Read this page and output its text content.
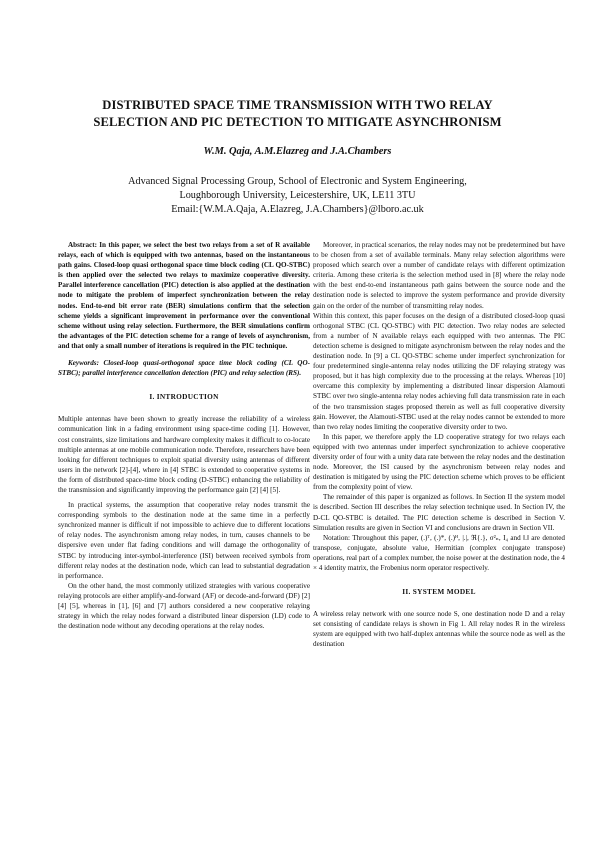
DISTRIBUTED SPACE TIME TRANSMISSION WITH TWO RELAY
SELECTION AND PIC DETECTION TO MITIGATE ASYNCHRONISM
W.M. Qaja, A.M.Elazreg and J.A.Chambers
Advanced Signal Processing Group, School of Electronic and System Engineering,
Loughborough University, Leicestershire, UK, LE11 3TU
Email:{W.M.A.Qaja, A.Elazreg, J.A.Chambers}@lboro.ac.uk

Abstract: In this paper, we select the best two relays from a set of R available relays, each of which is equipped with two antennas, based on the instantaneous path gains. Closed-loop quasi orthogonal space time block coding (CL QO-STBC) is then applied over the selected two relays to maximize cooperative diversity. Parallel interference cancellation (PIC) detection is also applied at the destination node to mitigate the problem of imperfect synchronization between the relay nodes. End-to-end bit error rate (BER) simulations confirm that the selection scheme yields a significant improvement in performance over the conventional scheme without using relay selection. Furthermore, the BER simulations confirm the advantages of the PIC detection scheme for a range of levels of asynchronism, and that only a small number of iterations is required in the PIC technique.

Keywords: Closed-loop quasi-orthogonal space time block coding (CL QO-STBC); parallel interference cancellation detection (PIC) and relay selection (RS).

I. INTRODUCTION

Multiple antennas have been shown to greatly increase the reliability of a wireless communication link in a fading environment using space-time coding [1]. However, cost constraints, size limitations and hardware complexity makes it difficult to co-locate multiple antennas at one mobile communication node. Therefore, researchers have been looking for different techniques to exploit spatial diversity using antennas of different users in the network [2]-[4], where in [4] STBC is extended to cooperative systems in the form of distributed space-time block coding (D-STBC) enhancing the reliability of the transmission and significantly improving the performance gain [2] [4] [5].

In practical systems, the assumption that cooperative relay nodes transmit the corresponding symbols to the destination node at the same time in a perfectly synchronized manner is difficult if not impossible to achieve due to different locations of relay nodes. The asynchronism among relay nodes, in turn, causes channels to be dispersive even under flat fading conditions and will damage the orthogonality of STBC by introducing inter-symbol-interference (ISI) between received symbols from different relay nodes at the destination node, which can lead to substantial degradation in performance.

On the other hand, the most commonly utilized strategies with various cooperative relaying protocols are either amplify-and-forward (AF) or decode-and-forward (DF) [2] [4] [5], whereas in [1], [6] and [7] authors considered a new cooperative relaying strategy in which the relay nodes forward a distributed linear dispersion (LD) code to the destination node without any decoding operations at the relay nodes.

Moreover, in practical scenarios, the relay nodes may not be predetermined but have to be chosen from a set of available terminals. Many relay selection algorithms were proposed which search over a number of candidate relays with different optimization criteria. Among these criteria is the selection method used in [8] where the relay node with the best end-to-end instantaneous path gains between the source node and the destination node is selected to improve the system performance and provide diversity gain on the order of the number of transmitting relay nodes.

Within this context, this paper focuses on the design of a distributed closed-loop quasi orthogonal STBC (CL QO-STBC) with PIC detection. Two relay nodes are selected from a number of N available relays each equipped with two antennas. The PIC detection scheme is designed to mitigate asynchronism between the relay nodes and the destination node. In [9] a CL QO-STBC scheme under imperfect synchronization for four predetermined single-antenna relay nodes utilizing the DF relaying strategy was proposed, but it has high complexity due to the processing at the relays. Whereas [10] overcame this complexity by implementing a distributed linear dispersion Alamouti STBC over two single-antenna relay nodes achieving full data transmission rate in each of the two transmission stages proposed therein as well as full cooperative diversity gain. However, the Alamouti-STBC used at the relay nodes cannot be extended to more than two relay nodes limiting the cooperative diversity order to two.

In this paper, we therefore apply the LD cooperative strategy for two relays each equipped with two antennas under imperfect synchronization to achieve cooperative diversity order of four with a unity data rate between the relay nodes and the destination node. Moreover, the ISI caused by the asynchronism between relay nodes and destination is mitigated by using the PIC detection scheme which proves to be efficient from the complexity point of view.

The remainder of this paper is organized as follows. In Section II the system model is described. Section III describes the relay selection technique used. In Section IV, the D-CL QO-STBC is detailed. The PIC detection scheme is described in Section V. Simulation results are given in Section VI and conclusions are drawn in Section VII.

Notation: Throughout this paper, (.)ᵀ, (.)*, (.)ᴴ, |.|, ℜ{.}, σ²ₙ, I₄ and ‖.‖ are denoted transpose, conjugate, absolute value, Hermitian (complex conjugate transpose) operations, real part of a complex number, the noise power at the destination node, the 4 × 4 identity matrix, the Frobenius norm operator respectively.

II. SYSTEM MODEL

A wireless relay network with one source node S, one destination node D and a relay set consisting of candidate relays is shown in Fig 1. All relay nodes R in the wireless system are equipped with two half-duplex antennas while the source node as well as the destination
